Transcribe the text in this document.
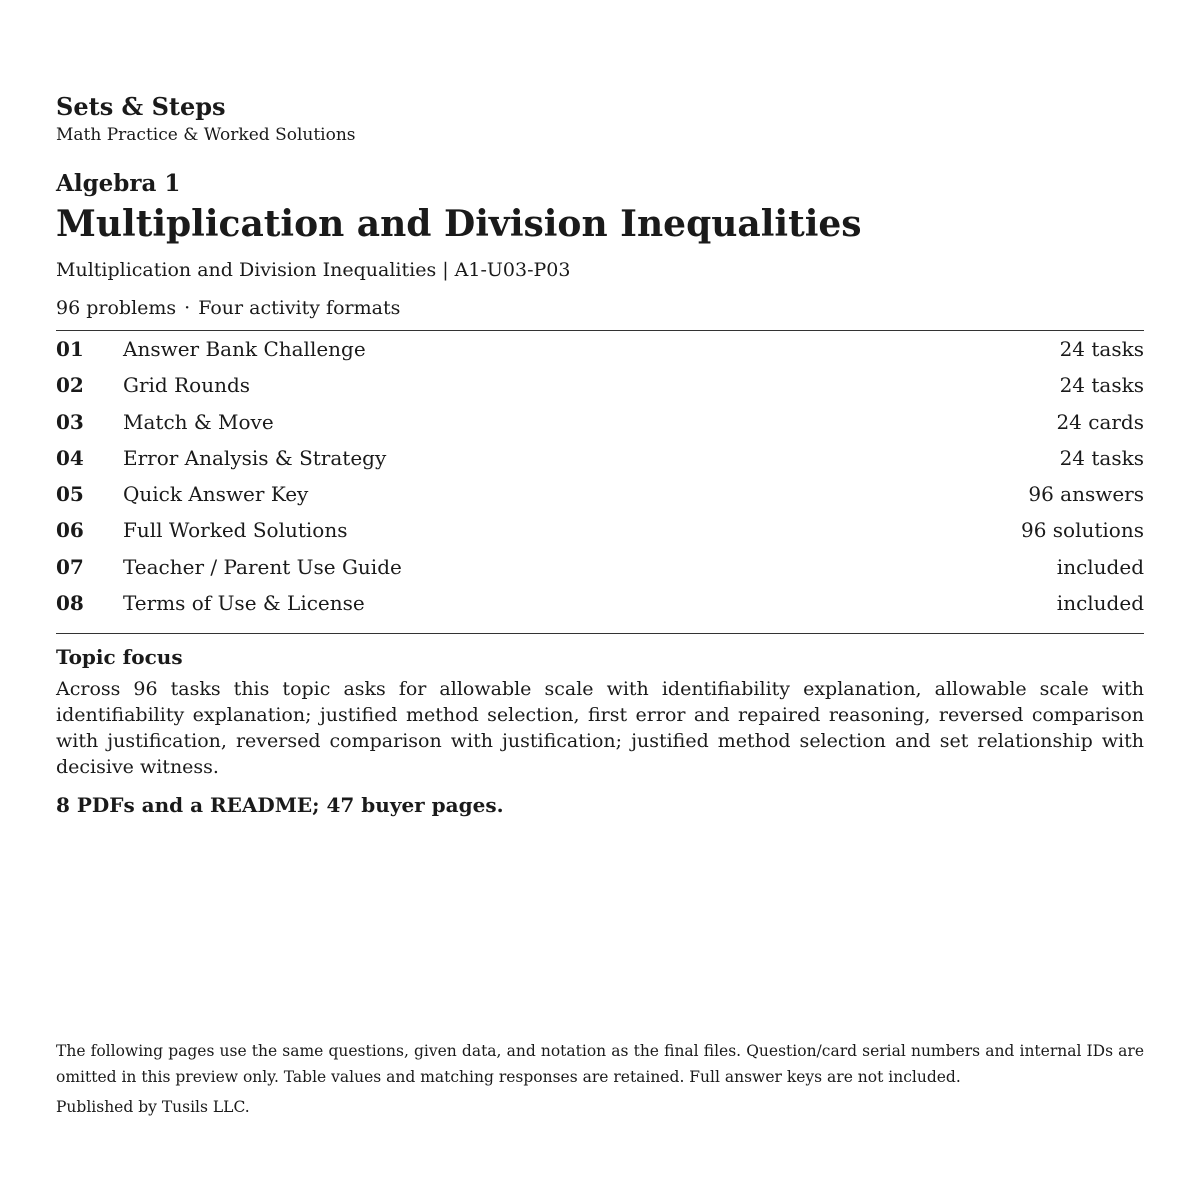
Sets & Steps

Math Practice & Worked Solutions

Algebra 1
Multiplication and Division Inequalities

Multiplication and Division Inequalities | A1-U03-P03

96 problems · Four activity formats

01	Answer Bank Challenge	24 tasks
02	Grid Rounds	24 tasks
03	Match & Move	24 cards
04	Error Analysis & Strategy	24 tasks
05	Quick Answer Key	96 answers
06	Full Worked Solutions	96 solutions
07	Teacher / Parent Use Guide	included
08	Terms of Use & License	included
Topic focus

Across 96 tasks this topic asks for allowable scale with identifiability explanation, allowable scale with identifiability explanation; justified method selection, first error and repaired reasoning, reversed comparison with justification, reversed comparison with justification; justified method selection and set relationship with decisive witness.

8 PDFs and a README; 47 buyer pages.

The following pages use the same questions, given data, and notation as the final files. Question/card serial numbers and internal IDs are omitted in this preview only. Table values and matching responses are retained. Full answer keys are not included.

Published by Tusils LLC.
